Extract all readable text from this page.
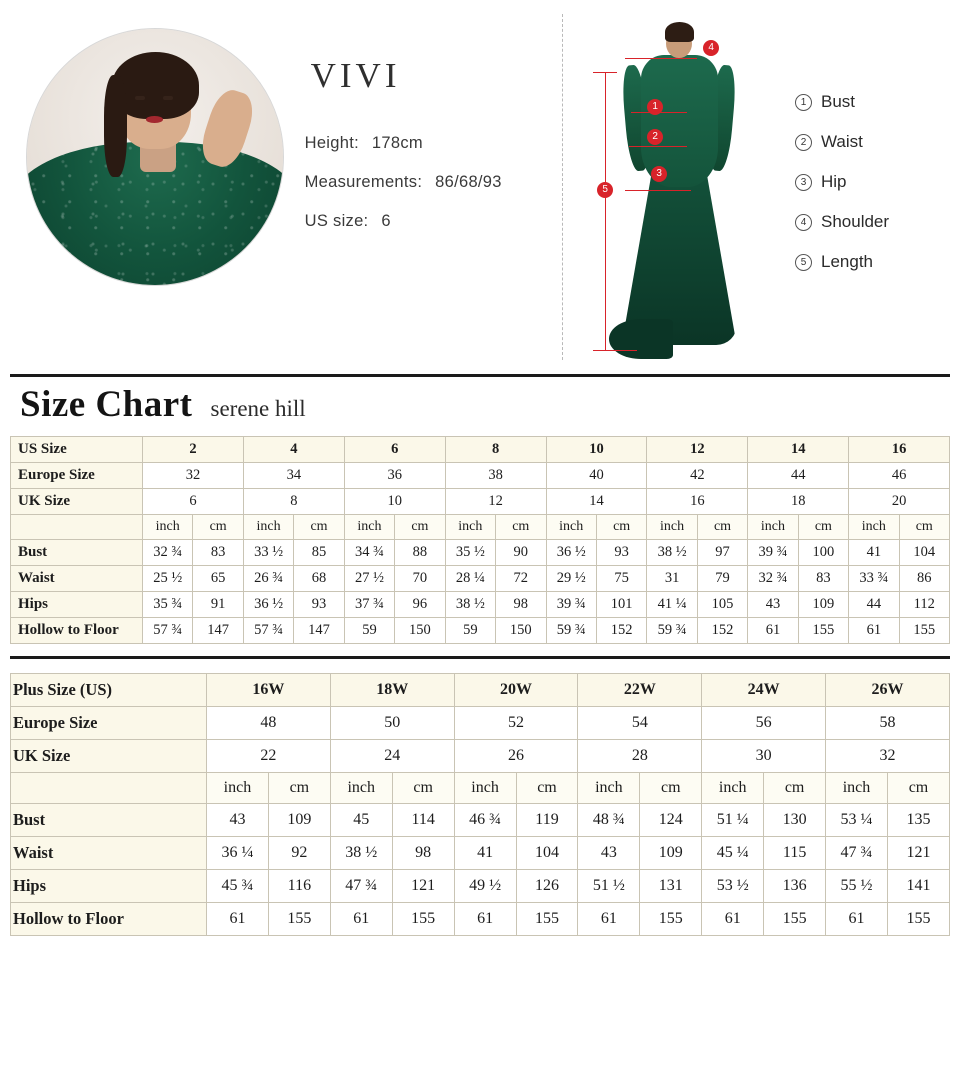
VIVI
Height: 178cm
Measurements: 86/68/93
US size: 6
4
1
2
3
5
1 Bust
2 Waist
3 Hip
4 Shoulder
5 Length
Size Chart serene hill
US Size	2		4		6		8		10		12		14		16	
Europe Size	32		34		36		38		40		42		44		46	
UK Size	6		8		10		12		14		16		18		20	
	inch	cm	inch	cm	inch	cm	inch	cm	inch	cm	inch	cm	inch	cm	inch	cm
Bust	32 ¾	83	33 ½	85	34 ¾	88	35 ½	90	36 ½	93	38 ½	97	39 ¾	100	41	104
Waist	25 ½	65	26 ¾	68	27 ½	70	28 ¼	72	29 ½	75	31	79	32 ¾	83	33 ¾	86
Hips	35 ¾	91	36 ½	93	37 ¾	96	38 ½	98	39 ¾	101	41 ¼	105	43	109	44	112
Hollow to Floor	57 ¾	147	57 ¾	147	59	150	59	150	59 ¾	152	59 ¾	152	61	155	61	155
Plus Size (US)	16W		18W		20W		22W		24W		26W	
Europe Size	48		50		52		54		56		58	
UK Size	22		24		26		28		30		32	
	inch	cm	inch	cm	inch	cm	inch	cm	inch	cm	inch	cm
Bust	43	109	45	114	46 ¾	119	48 ¾	124	51 ¼	130	53 ¼	135
Waist	36 ¼	92	38 ½	98	41	104	43	109	45 ¼	115	47 ¾	121
Hips	45 ¾	116	47 ¾	121	49 ½	126	51 ½	131	53 ½	136	55 ½	141
Hollow to Floor	61	155	61	155	61	155	61	155	61	155	61	155
